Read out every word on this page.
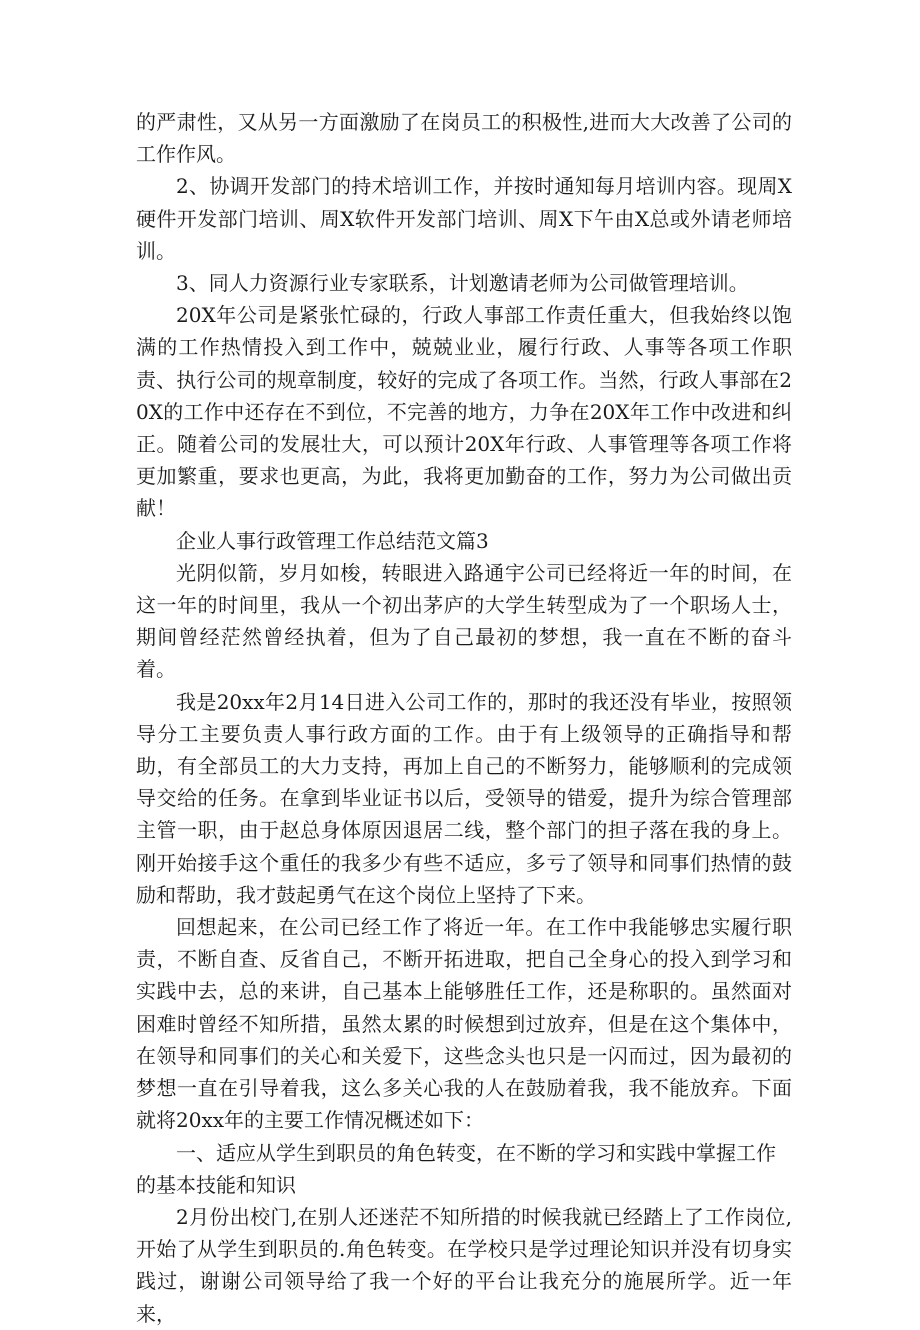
的严肃性，又从另一方面激励了在岗员工的积极性,进而大大改善了公司的工作作风。

2、协调开发部门的持术培训工作，并按时通知每月培训内容。现周X硬件开发部门培训、周X软件开发部门培训、周X下午由X总或外请老师培训。

3、同人力资源行业专家联系，计划邀请老师为公司做管理培训。

20X年公司是紧张忙碌的，行政人事部工作责任重大，但我始终以饱满的工作热情投入到工作中，兢兢业业，履行行政、人事等各项工作职责、执行公司的规章制度，较好的完成了各项工作。当然，行政人事部在20X的工作中还存在不到位，不完善的地方，力争在20X年工作中改进和纠正。随着公司的发展壮大，可以预计20X年行政、人事管理等各项工作将更加繁重，要求也更高，为此，我将更加勤奋的工作，努力为公司做出贡献！

企业人事行政管理工作总结范文篇3

光阴似箭，岁月如梭，转眼进入路通宇公司已经将近一年的时间，在这一年的时间里，我从一个初出茅庐的大学生转型成为了一个职场人士，期间曾经茫然曾经执着，但为了自己最初的梦想，我一直在不断的奋斗着。

我是20xx年2月14日进入公司工作的，那时的我还没有毕业，按照领导分工主要负责人事行政方面的工作。由于有上级领导的正确指导和帮助，有全部员工的大力支持，再加上自己的不断努力，能够顺利的完成领导交给的任务。在拿到毕业证书以后，受领导的错爱，提升为综合管理部主管一职，由于赵总身体原因退居二线，整个部门的担子落在我的身上。刚开始接手这个重任的我多少有些不适应，多亏了领导和同事们热情的鼓励和帮助，我才鼓起勇气在这个岗位上坚持了下来。

回想起来，在公司已经工作了将近一年。在工作中我能够忠实履行职责，不断自查、反省自己，不断开拓进取，把自己全身心的投入到学习和实践中去，总的来讲，自己基本上能够胜任工作，还是称职的。虽然面对困难时曾经不知所措，虽然太累的时候想到过放弃，但是在这个集体中，在领导和同事们的关心和关爱下，这些念头也只是一闪而过，因为最初的梦想一直在引导着我，这么多关心我的人在鼓励着我，我不能放弃。下面就将20xx年的主要工作情况概述如下：

一、适应从学生到职员的角色转变，在不断的学习和实践中掌握工作的基本技能和知识

2月份出校门,在别人还迷茫不知所措的时候我就已经踏上了工作岗位,开始了从学生到职员的.角色转变。在学校只是学过理论知识并没有切身实践过，谢谢公司领导给了我一个好的平台让我充分的施展所学。近一年来，
